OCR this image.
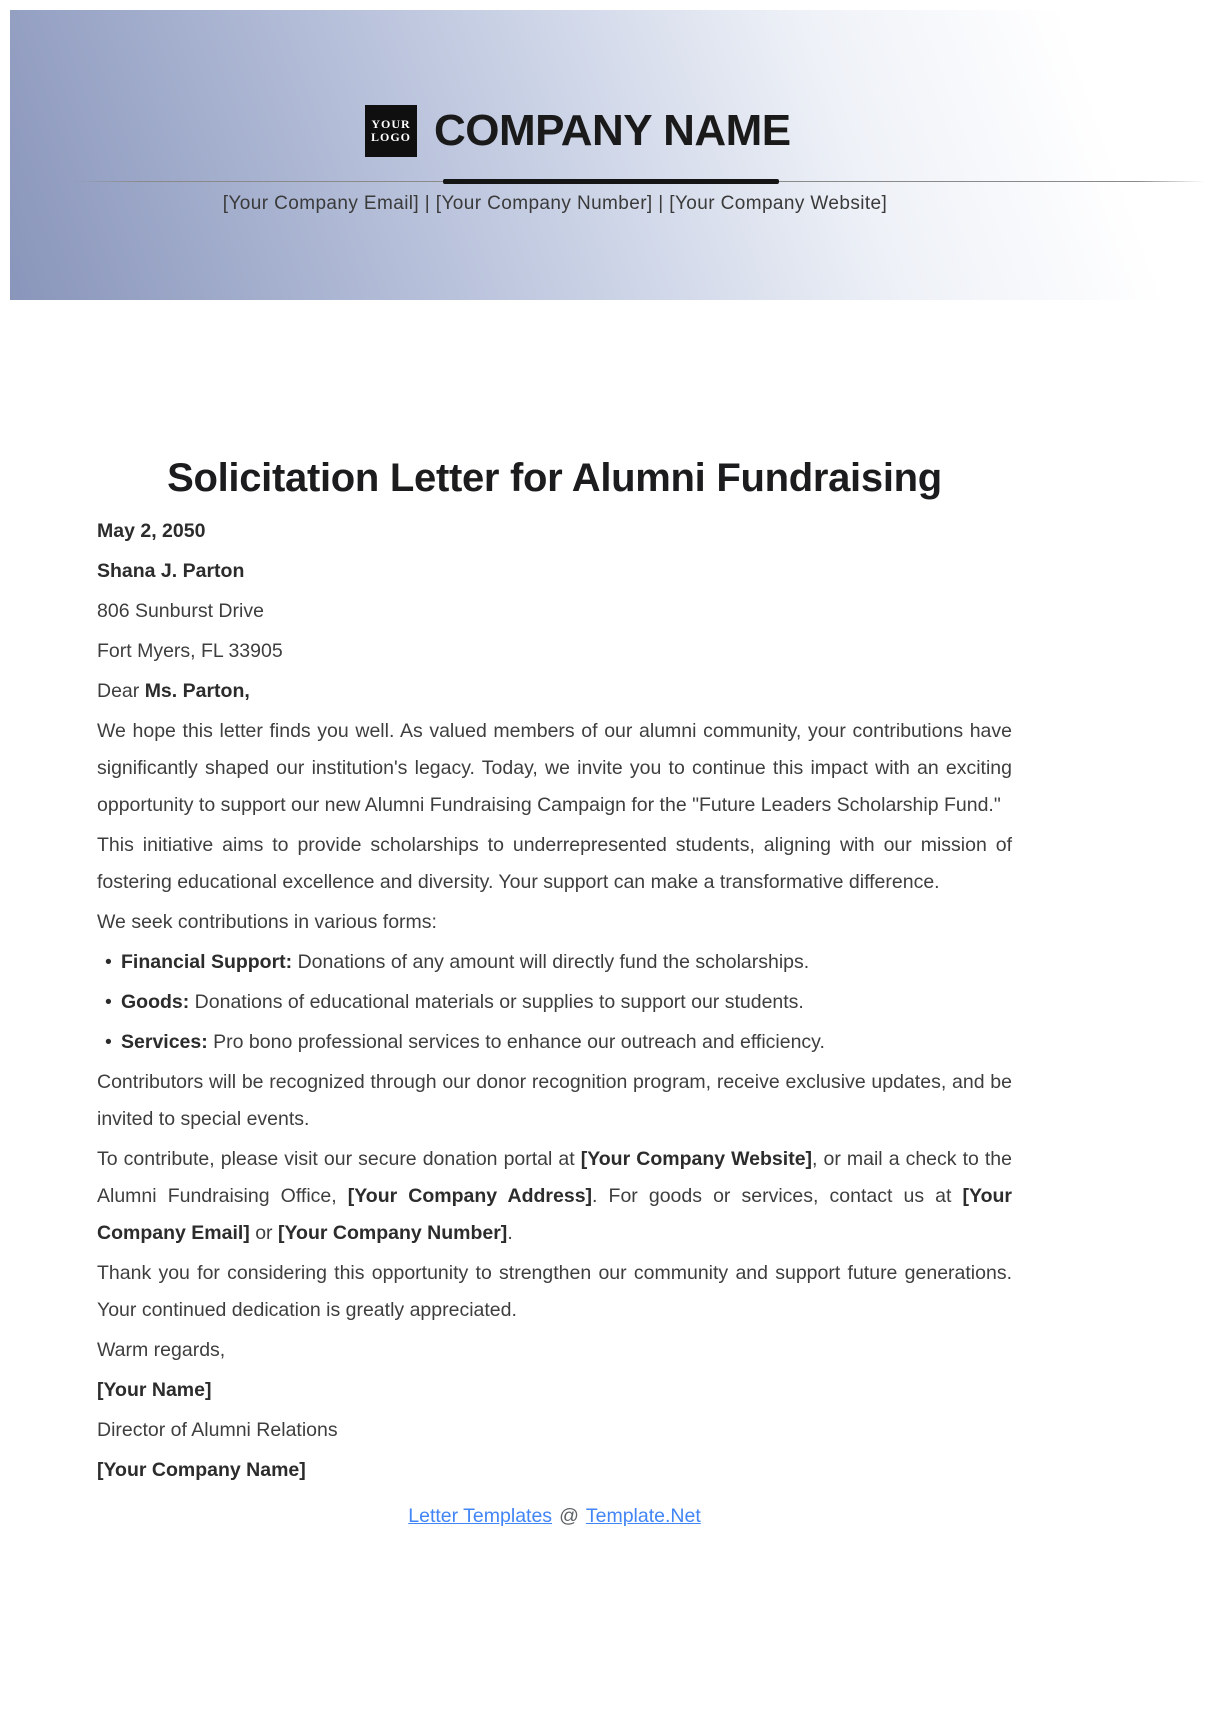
YOUR
LOGO COMPANY NAME
[Your Company Email] | [Your Company Number] | [Your Company Website]
Solicitation Letter for Alumni Fundraising

May 2, 2050

Shana J. Parton

806 Sunburst Drive

Fort Myers, FL 33905

Dear Ms. Parton,

We hope this letter finds you well. As valued members of our alumni community, your contributions have significantly shaped our institution's legacy. Today, we invite you to continue this impact with an exciting opportunity to support our new Alumni Fundraising Campaign for the "Future Leaders Scholarship Fund."

This initiative aims to provide scholarships to underrepresented students, aligning with our mission of fostering educational excellence and diversity. Your support can make a transformative difference.

We seek contributions in various forms:

• Financial Support: Donations of any amount will directly fund the scholarships.
• Goods: Donations of educational materials or supplies to support our students.
• Services: Pro bono professional services to enhance our outreach and efficiency.

Contributors will be recognized through our donor recognition program, receive exclusive updates, and be invited to special events.

To contribute, please visit our secure donation portal at [Your Company Website], or mail a check to the Alumni Fundraising Office, [Your Company Address]. For goods or services, contact us at [Your Company Email] or [Your Company Number].

Thank you for considering this opportunity to strengthen our community and support future generations. Your continued dedication is greatly appreciated.

Warm regards,

[Your Name]

Director of Alumni Relations

[Your Company Name]

Letter Templates @ Template.Net
